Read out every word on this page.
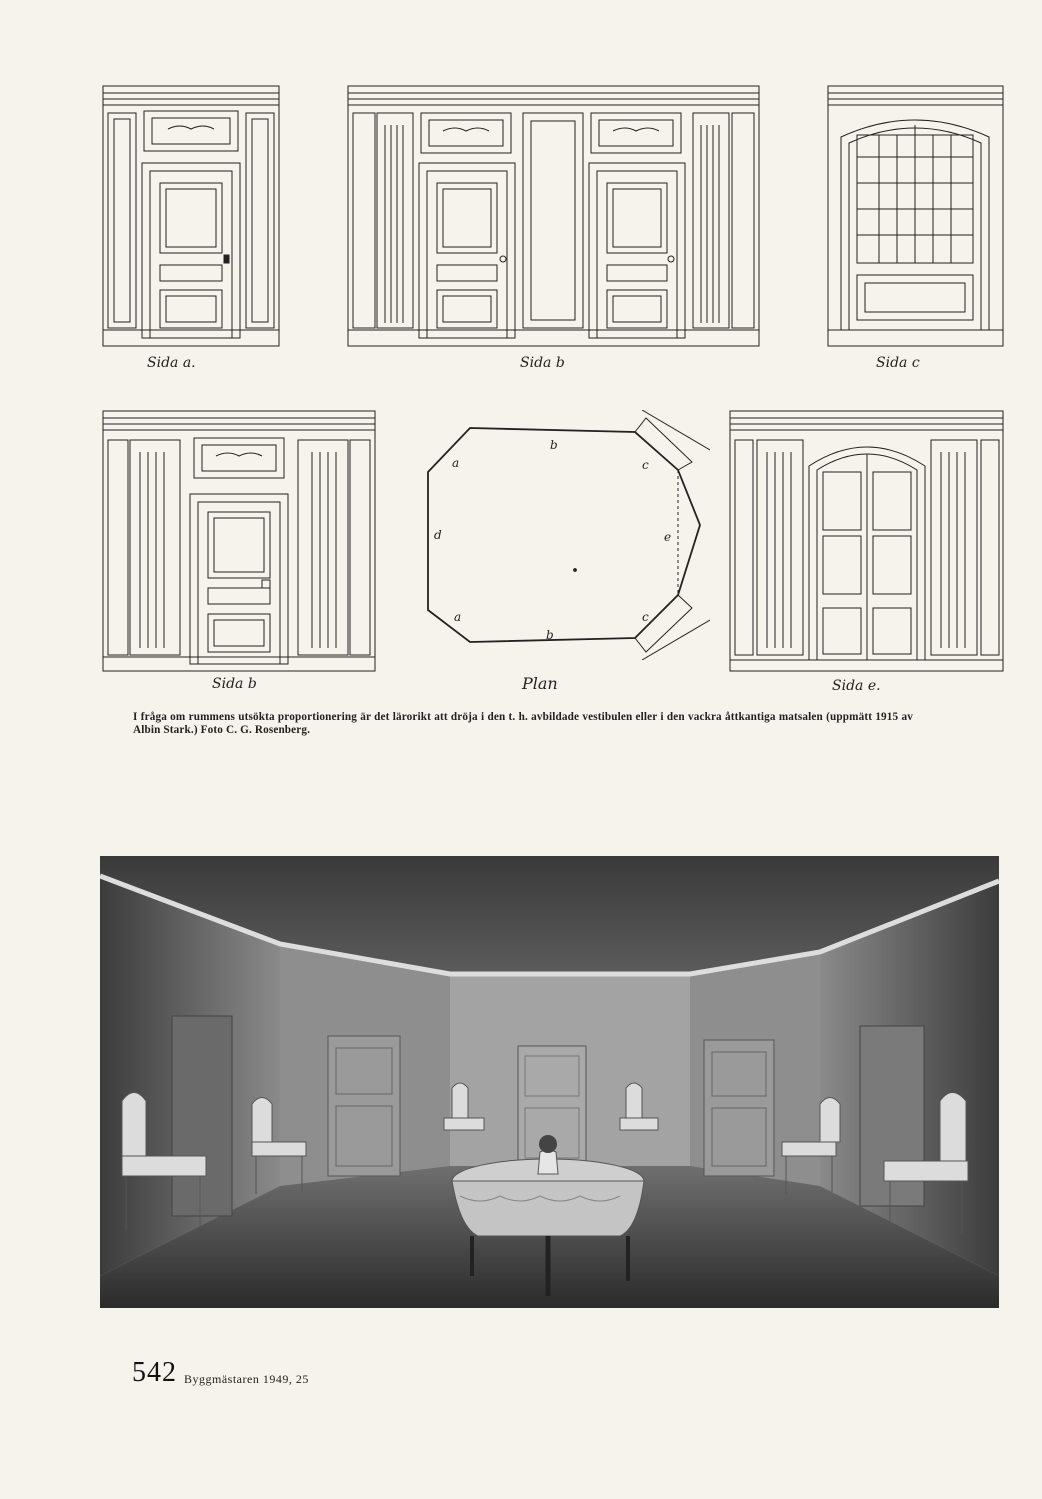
Sida a.	Sida b	Sida c
Sida b
a
b
c
d	e
a
b
c
Plan	Sida e.
I fråga om rummens utsökta proportionering är det lärorikt att dröja i den t. h. avbildade vestibulen eller i den vackra åttkantiga matsalen (uppmätt 1915 av Albin Stark.) Foto C. G. Rosenberg.
542 Byggmästaren 1949, 25
